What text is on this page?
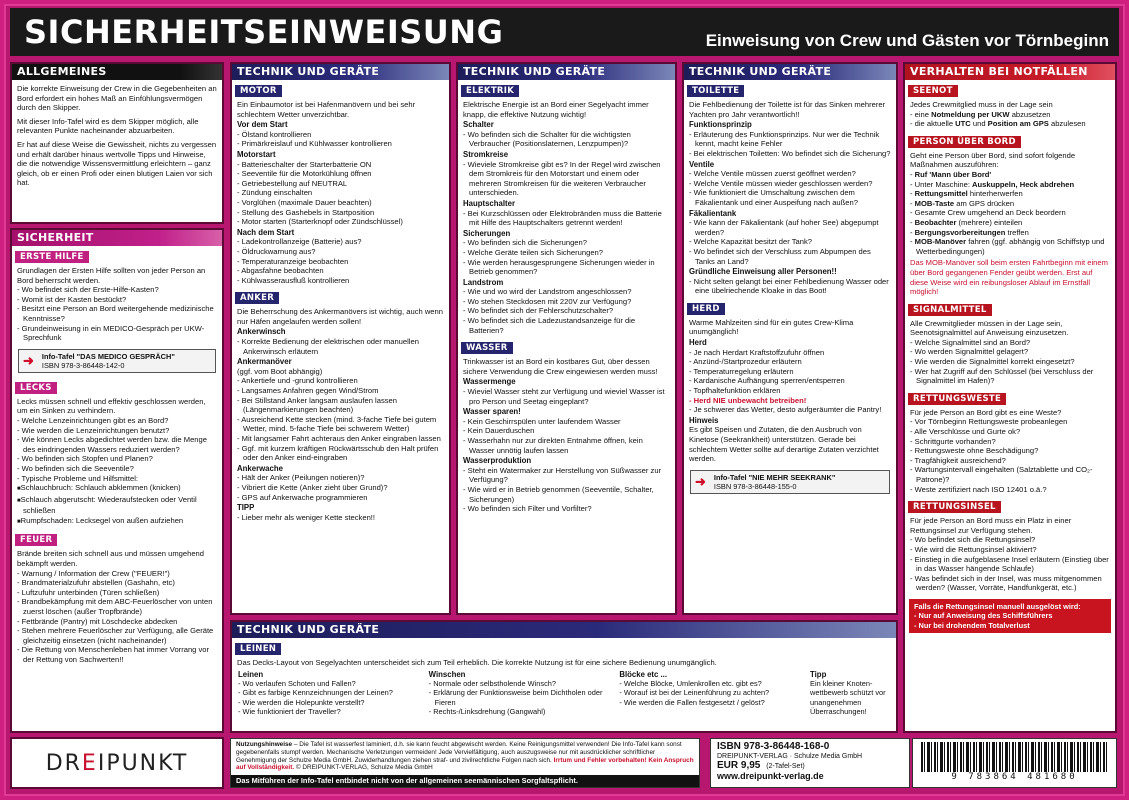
SICHERHEITSEINWEISUNG	Einweisung von Crew und Gästen vor Törnbeginn
ALLGEMEINES

Die korrekte Einweisung der Crew in die Gegebenheiten an Bord erfordert ein hohes Maß an Einfühlungsvermögen durch den Skipper.

Mit dieser Info-Tafel wird es dem Skipper möglich, alle relevanten Punkte nacheinander abzuarbeiten.

Er hat auf diese Weise die Gewissheit, nichts zu vergessen und erhält darüber hinaus wertvolle Tipps und Hinweise, die die notwendige Wissensvermittlung erleichtern – ganz gleich, ob er einen Profi oder einen blutigen Laien vor sich hat.

SICHERHEIT
ERSTE HILFE
Grundlagen der Ersten Hilfe sollten von jeder Person an Bord beherrscht werden.
- Wo befindet sich der Erste-Hilfe-Kasten?
- Womit ist der Kasten bestückt?
- Besitzt eine Person an Bord weitergehende medizinische Kenntnisse?
- Grundeinweisung in ein MEDICO-Gespräch per UKW-Sprechfunk
➜ Info-Tafel "DAS MEDICO GESPRÄCH"
ISBN 978-3-86448-142-0
LECKS
Lecks müssen schnell und effektiv geschlossen werden, um ein Sinken zu verhindern.
- Welche Lenzeinrichtungen gibt es an Bord?
- Wie werden die Lenzeinrichtungen benutzt?
- Wie können Lecks abgedichtet werden bzw. die Menge des eindringenden Wassers reduziert werden?
- Wo befinden sich Stopfen und Planen?
- Wo befinden sich die Seeventile?
- Typische Probleme und Hilfsmittel:
■ Schlauchbruch: Schlauch abklemmen (knicken)
■ Schlauch abgerutscht: Wiederaufstecken oder Ventil schließen
■ Rumpfschaden: Lecksegel von außen aufziehen
FEUER
Brände breiten sich schnell aus und müssen umgehend bekämpft werden.
- Warnung / Information der Crew ("FEUER!")
- Brandmaterialzufuhr abstellen (Gashahn, etc)
- Luftzufuhr unterbinden (Türen schließen)
- Brandbekämpfung mit dem ABC-Feuerlöscher von unten zuerst löschen (außer Tropfbrände)
- Fettbrände (Pantry) mit Löschdecke abdecken
- Stehen mehrere Feuerlöscher zur Verfügung, alle Geräte gleichzeitig einsetzen (nicht nacheinander)
- Die Rettung von Menschenleben hat immer Vorrang vor der Rettung von Sachwerten!!
TECHNIK UND GERÄTE
MOTOR
Ein Einbaumotor ist bei Hafenmanövern und bei sehr schlechtem Wetter unverzichtbar.
Vor dem Start
- Ölstand kontrollieren
- Primärkreislauf und Kühlwasser kontrollieren
Motorstart
- Batterieschalter der Starterbatterie ON
- Seeventile für die Motorkühlung öffnen
- Getriebestellung auf NEUTRAL
- Zündung einschalten
- Vorglühen (maximale Dauer beachten)
- Stellung des Gashebels in Startposition
- Motor starten (Starterknopf oder Zündschlüssel)
Nach dem Start
- Ladekontrollanzeige (Batterie) aus?
- Öldruckwarnung aus?
- Temperaturanzeige beobachten
- Abgasfahne beobachten
- Kühlwasserausfluß kontrollieren
ANKER
Die Beherrschung des Ankermanövers ist wichtig, auch wenn nur Häfen angelaufen werden sollen!
Ankerwinsch
- Korrekte Bedienung der elektrischen oder manuellen Ankerwinsch erläutern
Ankermanöver
(ggf. vom Boot abhängig)
- Ankertiefe und -grund kontrollieren
- Langsames Anfahren gegen Wind/Strom
- Bei Stillstand Anker langsam auslaufen lassen (Längenmarkierungen beachten)
- Ausreichend Kette stecken (mind. 3-fache Tiefe bei gutem Wetter, mind. 5-fache Tiefe bei schwerem Wetter)
- Mit langsamer Fahrt achteraus den Anker eingraben lassen
- Ggf. mit kurzem kräftigen Rückwärtsschub den Halt prüfen oder den Anker eind-eingraben
Ankerwache
- Hält der Anker (Peilungen notieren)?
- Vibriert die Kette (Anker zieht über Grund)?
- GPS auf Ankerwache programmieren
TIPP
- Lieber mehr als weniger Kette stecken!!
TECHNIK UND GERÄTE
ELEKTRIK
Elektrische Energie ist an Bord einer Segelyacht immer knapp, die effektive Nutzung wichtig!
Schalter
- Wo befinden sich die Schalter für die wichtigsten Verbraucher (Positionslaternen, Lenzpumpen)?
Stromkreise
- Wieviele Stromkreise gibt es? In der Regel wird zwischen dem Stromkreis für den Motorstart und einem oder mehreren Stromkreisen für die weiteren Verbraucher unterschieden.
Hauptschalter
- Bei Kurzschlüssen oder Elektrobränden muss die Batterie mit Hilfe des Hauptschalters getrennt werden!
Sicherungen
- Wo befinden sich die Sicherungen?
- Welche Geräte teilen sich Sicherungen?
- Wie werden herausgesprungene Sicherungen wieder in Betrieb genommen?
Landstrom
- Wie und wo wird der Landstrom angeschlossen?
- Wo stehen Steckdosen mit 220V zur Verfügung?
- Wo befindet sich der Fehlerschutzschalter?
- Wo befindet sich die Ladezustandsanzeige für die Batterien?
WASSER
Trinkwasser ist an Bord ein kostbares Gut, über dessen sichere Verwendung die Crew eingewiesen werden muss!
Wassermenge
- Wieviel Wasser steht zur Verfügung und wieviel Wasser ist pro Person und Seetag eingeplant?
Wasser sparen!
- Kein Geschirrspülen unter laufendem Wasser
- Kein Dauerduschen
- Wasserhahn nur zur direkten Entnahme öffnen, kein Wasser unnötig laufen lassen
Wasserproduktion
- Steht ein Watermaker zur Herstellung von Süßwasser zur Verfügung?
- Wie wird er in Betrieb genommen (Seeventile, Schalter, Sicherungen)
- Wo befinden sich Filter und Vorfilter?
TECHNIK UND GERÄTE
TOILETTE
Die Fehlbedienung der Toilette ist für das Sinken mehrerer Yachten pro Jahr verantwortlich!!
Funktionsprinzip
- Erläuterung des Funktionsprinzips. Nur wer die Technik kennt, macht keine Fehler
- Bei elektrischen Toiletten: Wo befindet sich die Sicherung?
Ventile
- Welche Ventile müssen zuerst geöffnet werden?
- Welche Ventile müssen wieder geschlossen werden?
- Wie funktioniert die Umschaltung zwischen dem Fäkalientank und einer Auspeifung nach außen?
Fäkalientank
- Wie kann der Fäkalientank (auf hoher See) abgepumpt werden?
- Welche Kapazität besitzt der Tank?
- Wo befindet sich der Verschluss zum Abpumpen des Tanks an Land?
Gründliche Einweisung aller Personen!!
- Nicht selten gelangt bei einer Fehlbedienung Wasser oder eine übelriechende Kloake in das Boot!
HERD
Warme Mahlzeiten sind für ein gutes Crew-Klima unumgänglich!
Herd
- Je nach Herdart Kraftstoffzufuhr öffnen
- Anzünd-/Startprozedur erläutern
- Temperaturregelung erläutern
- Kardanische Aufhängung sperren/entsperren
- Topfhaltefunktion erklären
- Herd NIE unbewacht betreiben!
- Je schwerer das Wetter, desto aufgeräumter die Pantry!
Hinweis
Es gibt Speisen und Zutaten, die den Ausbruch von Kinetose (Seekrankheit) unterstützen. Gerade bei schlechtem Wetter sollte auf derartige Zutaten verzichtet werden.
➜ Info-Tafel "NIE MEHR SEEKRANK"
ISBN 978-3-86448-155-0
VERHALTEN BEI NOTFÄLLEN
SEENOT
Jedes Crewmitglied muss in der Lage sein
- eine Notmeldung per UKW abzusetzen
- die aktuelle UTC und Position am GPS abzulesen
PERSON ÜBER BORD
Geht eine Person über Bord, sind sofort folgende Maßnahmen auszuführen:
- Ruf 'Mann über Bord'
- Unter Maschine: Auskuppeln, Heck abdrehen
- Rettungsmittel hinterherwerfen
- MOB-Taste am GPS drücken
- Gesamte Crew umgehend an Deck beordern
- Beobachter (mehrere) einteilen
- Bergungsvorbereitungen treffen
- MOB-Manöver fahren (ggf. abhängig von Schiffstyp und Wetterbedingungen)
Das MOB-Manöver soll beim ersten Fahrtbeginn mit einem über Bord gegangenen Fender geübt werden. Erst auf diese Weise wird ein reibungsloser Ablauf im Ernstfall möglich!
SIGNALMITTEL
Alle Crewmitglieder müssen in der Lage sein, Seenotsignalmittel auf Anweisung einzusetzen.
- Welche Signalmittel sind an Bord?
- Wo werden Signalmittel gelagert?
- Wie werden die Signalmittel korrekt eingesetzt?
- Wer hat Zugriff auf den Schlüssel (bei Verschluss der Signalmittel im Hafen)?
RETTUNGSWESTE
Für jede Person an Bord gibt es eine Weste?
- Vor Törnbeginn Rettungsweste probeanlegen
- Alle Verschlüsse und Gurte ok?
- Schrittgurte vorhanden?
- Rettungsweste ohne Beschädigung?
- Tragfähigkeit ausreichend?
- Wartungsintervall eingehalten (Salztablette und CO₂-Patrone)?
- Weste zertifiziert nach ISO 12401 o.ä.?
RETTUNGSINSEL
Für jede Person an Bord muss ein Platz in einer Rettungsinsel zur Verfügung stehen.
- Wo befindet sich die Rettungsinsel?
- Wie wird die Rettungsinsel aktiviert?
- Einstieg in die aufgeblasene Insel erläutern (Einstieg über in das Wasser hängende Schlaufe)
- Was befindet sich in der Insel, was muss mitgenommen werden? (Wasser, Vorräte, Handfunkgerät, etc.)
Falls die Rettungsinsel manuell ausgelöst wird:
- Nur auf Anweisung des Schiffsführers
- Nur bei drohendem Totalverlust
TECHNIK UND GERÄTE
LEINEN
Das Decks-Layout von Segelyachten unterscheidet sich zum Teil erheblich. Die korrekte Nutzung ist für eine sichere Bedienung unumgänglich.
Leinen
- Wo verlaufen Schoten und Fallen?
- Gibt es farbige Kennzeichnungen der Leinen?
- Wie werden die Holepunkte verstellt?
- Wie funktioniert der Traveller?
Winschen
- Normale oder selbstholende Winsch?
- Erklärung der Funktionsweise beim Dichtholen oder Fieren
- Rechts-/Linksdrehung (Gangwahl)
Blöcke etc ...
- Welche Blöcke, Umlenkrollen etc. gibt es?
- Worauf ist bei der Leinenführung zu achten?
- Wie werden die Fallen festgesetzt / gelöst?
Tipp
Ein kleiner Knoten-wettbewerb schützt vor unangenehmen Überraschungen!
DR E IPUNKT
Nutzungshinweise – Die Tafel ist wasserfest laminiert, d.h. sie kann feucht abgewischt werden. Keine Reinigungsmittel verwenden! Die Info-Tafel kann sonst gegebenenfalls stumpf werden. Mechanische Verletzungen vermeiden! Jede Vervielfältigung, auch auszugsweise nur mit ausdrücklicher schriftlicher Genehmigung der Schulze Media GmbH. Zuwiderhandlungen ziehen straf- und zivilrechtliche Folgen nach sich. Irrtum und Fehler vorbehalten! Kein Anspruch auf Vollständigkeit. © DREIPUNKT-VERLAG, Schulze Media GmbH
Das Mitführen der Info-Tafel entbindet nicht von der allgemeinen seemännischen Sorgfaltspflicht.
ISBN 978-3-86448-168-0
DREIPUNKT-VERLAG · Schulze Media GmbH
EUR 9,95 (2-Tafel-Set)
www.dreipunkt-verlag.de	9 783864 481680
